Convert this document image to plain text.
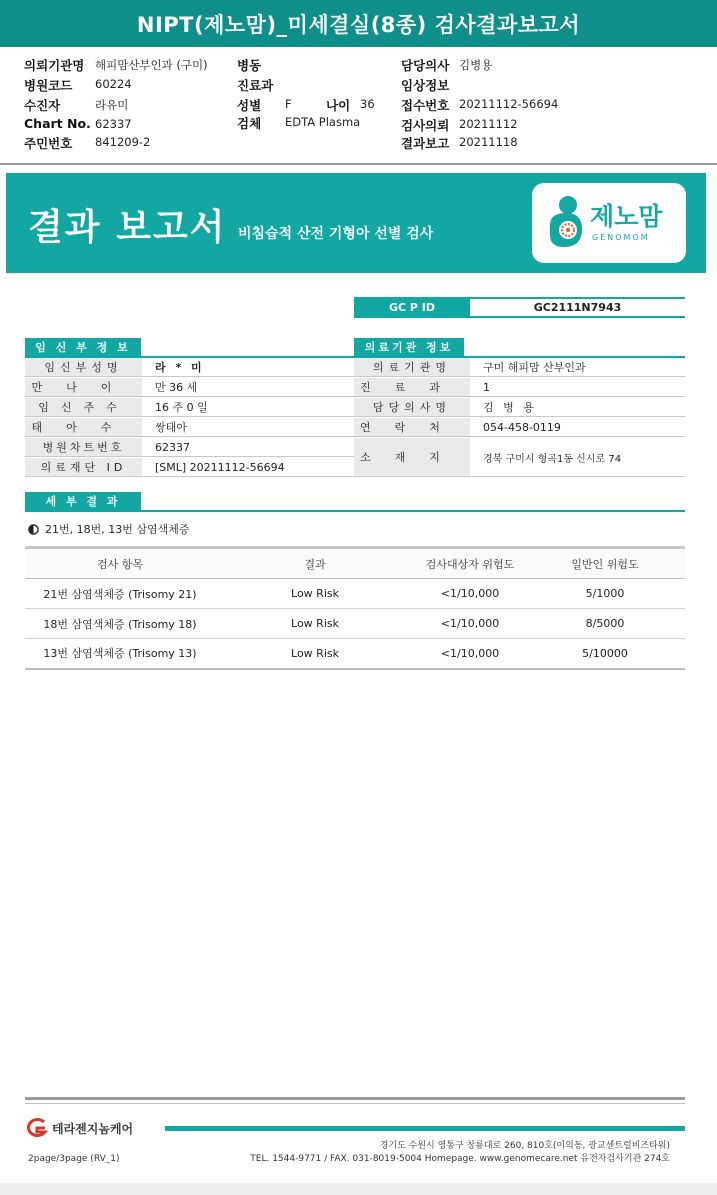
NIPT(제노맘)_미세결실(8종) 검사결과보고서
의뢰기관명 해피맘산부인과 (구미)
병원코드 60224
수진자	라유미
Chart No. 62337
주민번호 841209-2
병동
진료과
성별 F	나이 36
검체 EDTA Plasma
담당의사 김병용
임상정보
접수번호 20211112-56694
검사의뢰 20211112
결과보고 20211118
결과 보고서 비침습적 산전 기형아 선별 검사
제노맘
GENOMOM
GC P ID	GC2111N7943
임 신 부 정 보
임신부성명	라 * 미
만나이	만 36 세
임신주수	16 주 0 일
태아수	쌍태아
병원차트번호	62337
의료재단 ID	[SML] 20211112-56694
의료기관 정보
의료기관명	구미 해피맘 산부인과
진료과	1
담당의사명	김 병 용
연락처	054-458-0119
소재지	경북 구미시 형곡1동 신시로 74
세 부 결 과
21번, 18번, 13번 삼염색체증
검사 항목	결과	검사대상자 위험도	일반인 위험도
21번 삼염색체증 (Trisomy 21)	Low Risk	<1/10,000	5/1000
18번 삼염색체증 (Trisomy 18)	Low Risk	<1/10,000	8/5000
13번 삼염색체증 (Trisomy 13)	Low Risk	<1/10,000	5/10000
테라젠지놈케어
경기도 수원시 영통구 창룡대로 260, 810호(이의동, 광교센트럴비즈타워)
TEL. 1544-9771 / FAX. 031-8019-5004 Homepage. www.genomecare.net 유전자검사기관 274호
2page/3page (RV_1)
